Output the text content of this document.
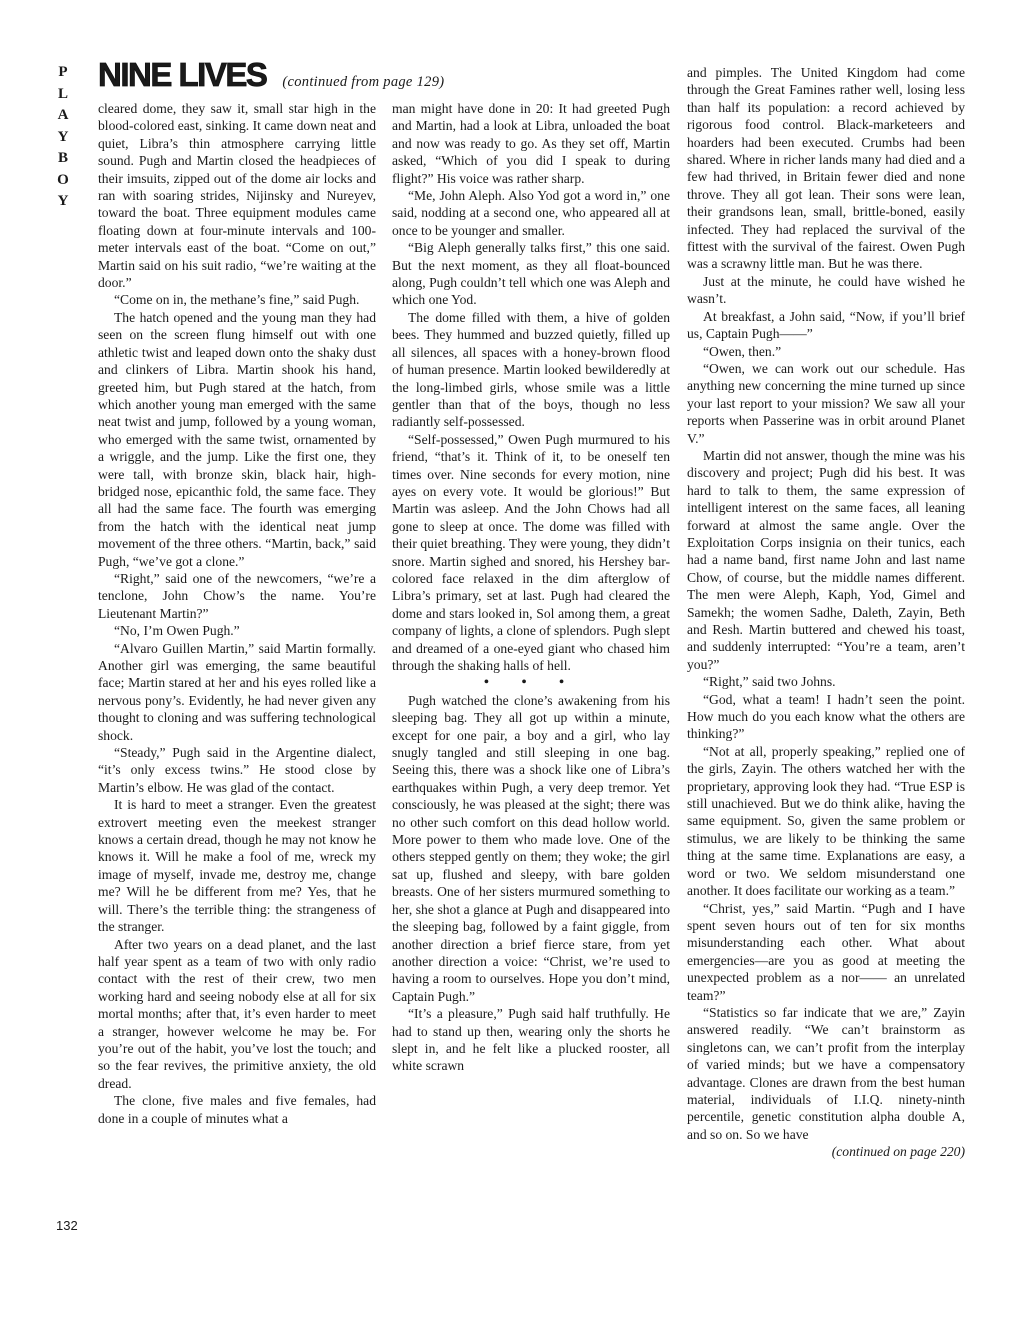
P
L
A
Y
B
O
Y
NINE LIVES (continued from page 129)

cleared dome, they saw it, small star high in the blood-colored east, sinking. It came down neat and quiet, Libra’s thin atmosphere carrying little sound. Pugh and Martin closed the headpieces of their imsuits, zipped out of the dome air locks and ran with soaring strides, Nijinsky and Nureyev, toward the boat. Three equipment modules came floating down at four-minute intervals and 100-meter intervals east of the boat. “Come on out,” Martin said on his suit radio, “we’re waiting at the door.”

“Come on in, the methane’s fine,” said Pugh.

The hatch opened and the young man they had seen on the screen flung himself out with one athletic twist and leaped down onto the shaky dust and clinkers of Libra. Martin shook his hand, greeted him, but Pugh stared at the hatch, from which another young man emerged with the same neat twist and jump, followed by a young woman, who emerged with the same twist, ornamented by a wriggle, and the jump. Like the first one, they were tall, with bronze skin, black hair, high-bridged nose, epicanthic fold, the same face. They all had the same face. The fourth was emerging from the hatch with the identical neat jump movement of the three others. “Martin, back,” said Pugh, “we’ve got a clone.”

“Right,” said one of the newcomers, “we’re a tenclone, John Chow’s the name. You’re Lieutenant Martin?”

“No, I’m Owen Pugh.”

“Alvaro Guillen Martin,” said Martin formally. Another girl was emerging, the same beautiful face; Martin stared at her and his eyes rolled like a nervous pony’s. Evidently, he had never given any thought to cloning and was suffering technological shock.

“Steady,” Pugh said in the Argentine dialect, “it’s only excess twins.” He stood close by Martin’s elbow. He was glad of the contact.

It is hard to meet a stranger. Even the greatest extrovert meeting even the meekest stranger knows a certain dread, though he may not know he knows it. Will he make a fool of me, wreck my image of myself, invade me, destroy me, change me? Will he be different from me? Yes, that he will. There’s the terrible thing: the strangeness of the stranger.

After two years on a dead planet, and the last half year spent as a team of two with only radio contact with the rest of their crew, two men working hard and seeing nobody else at all for six mortal months; after that, it’s even harder to meet a stranger, however welcome he may be. For you’re out of the habit, you’ve lost the touch; and so the fear revives, the primitive anxiety, the old dread.

The clone, five males and five females, had done in a couple of minutes what a

man might have done in 20: It had greeted Pugh and Martin, had a look at Libra, unloaded the boat and now was ready to go. As they set off, Martin asked, “Which of you did I speak to during flight?” His voice was rather sharp.

“Me, John Aleph. Also Yod got a word in,” one said, nodding at a second one, who appeared all at once to be younger and smaller.

“Big Aleph generally talks first,” this one said. But the next moment, as they all float-bounced along, Pugh couldn’t tell which one was Aleph and which one Yod.

The dome filled with them, a hive of golden bees. They hummed and buzzed quietly, filled up all silences, all spaces with a honey-brown flood of human presence. Martin looked bewilderedly at the long-limbed girls, whose smile was a little gentler than that of the boys, though no less radiantly self-possessed.

“Self-possessed,” Owen Pugh murmured to his friend, “that’s it. Think of it, to be oneself ten times over. Nine seconds for every motion, nine ayes on every vote. It would be glorious!” But Martin was asleep. And the John Chows had all gone to sleep at once. The dome was filled with their quiet breathing. They were young, they didn’t snore. Martin sighed and snored, his Hershey bar-colored face relaxed in the dim afterglow of Libra’s primary, set at last. Pugh had cleared the dome and stars looked in, Sol among them, a great company of lights, a clone of splendors. Pugh slept and dreamed of a one-eyed giant who chased him through the shaking halls of hell.

• • •

Pugh watched the clone’s awakening from his sleeping bag. They all got up within a minute, except for one pair, a boy and a girl, who lay snugly tangled and still sleeping in one bag. Seeing this, there was a shock like one of Libra’s earthquakes within Pugh, a very deep tremor. Yet consciously, he was pleased at the sight; there was no other such comfort on this dead hollow world. More power to them who made love. One of the others stepped gently on them; they woke; the girl sat up, flushed and sleepy, with bare golden breasts. One of her sisters murmured something to her, she shot a glance at Pugh and disappeared into the sleeping bag, followed by a faint giggle, from another direction a brief fierce stare, from yet another direction a voice: “Christ, we’re used to having a room to ourselves. Hope you don’t mind, Captain Pugh.”

“It’s a pleasure,” Pugh said half truthfully. He had to stand up then, wearing only the shorts he slept in, and he felt like a plucked rooster, all white scrawn

and pimples. The United Kingdom had come through the Great Famines rather well, losing less than half its population: a record achieved by rigorous food control. Black-marketeers and hoarders had been executed. Crumbs had been shared. Where in richer lands many had died and a few had thrived, in Britain fewer died and none throve. They all got lean. Their sons were lean, their grandsons lean, small, brittle-boned, easily infected. They had replaced the survival of the fittest with the survival of the fairest. Owen Pugh was a scrawny little man. But he was there.

Just at the minute, he could have wished he wasn’t.

At breakfast, a John said, “Now, if you’ll brief us, Captain Pugh——”

“Owen, then.”

“Owen, we can work out our schedule. Has anything new concerning the mine turned up since your last report to your mission? We saw all your reports when Passerine was in orbit around Planet V.”

Martin did not answer, though the mine was his discovery and project; Pugh did his best. It was hard to talk to them, the same expression of intelligent interest on the same faces, all leaning forward at almost the same angle. Over the Exploitation Corps insignia on their tunics, each had a name band, first name John and last name Chow, of course, but the middle names different. The men were Aleph, Kaph, Yod, Gimel and Samekh; the women Sadhe, Daleth, Zayin, Beth and Resh. Martin buttered and chewed his toast, and suddenly interrupted: “You’re a team, aren’t you?”

“Right,” said two Johns.

“God, what a team! I hadn’t seen the point. How much do you each know what the others are thinking?”

“Not at all, properly speaking,” replied one of the girls, Zayin. The others watched her with the proprietary, approving look they had. “True ESP is still unachieved. But we do think alike, having the same equipment. So, given the same problem or stimulus, we are likely to be thinking the same thing at the same time. Explanations are easy, a word or two. We seldom misunderstand one another. It does facilitate our working as a team.”

“Christ, yes,” said Martin. “Pugh and I have spent seven hours out of ten for six months misunderstanding each other. What about emergencies—are you as good at meeting the unexpected problem as a nor—— an unrelated team?”

“Statistics so far indicate that we are,” Zayin answered readily. “We can’t brainstorm as singletons can, we can’t profit from the interplay of varied minds; but we have a compensatory advantage. Clones are drawn from the best human material, individuals of I.I.Q. ninety-ninth percentile, genetic constitution alpha double A, and so on. So we have

(continued on page 220)
132
